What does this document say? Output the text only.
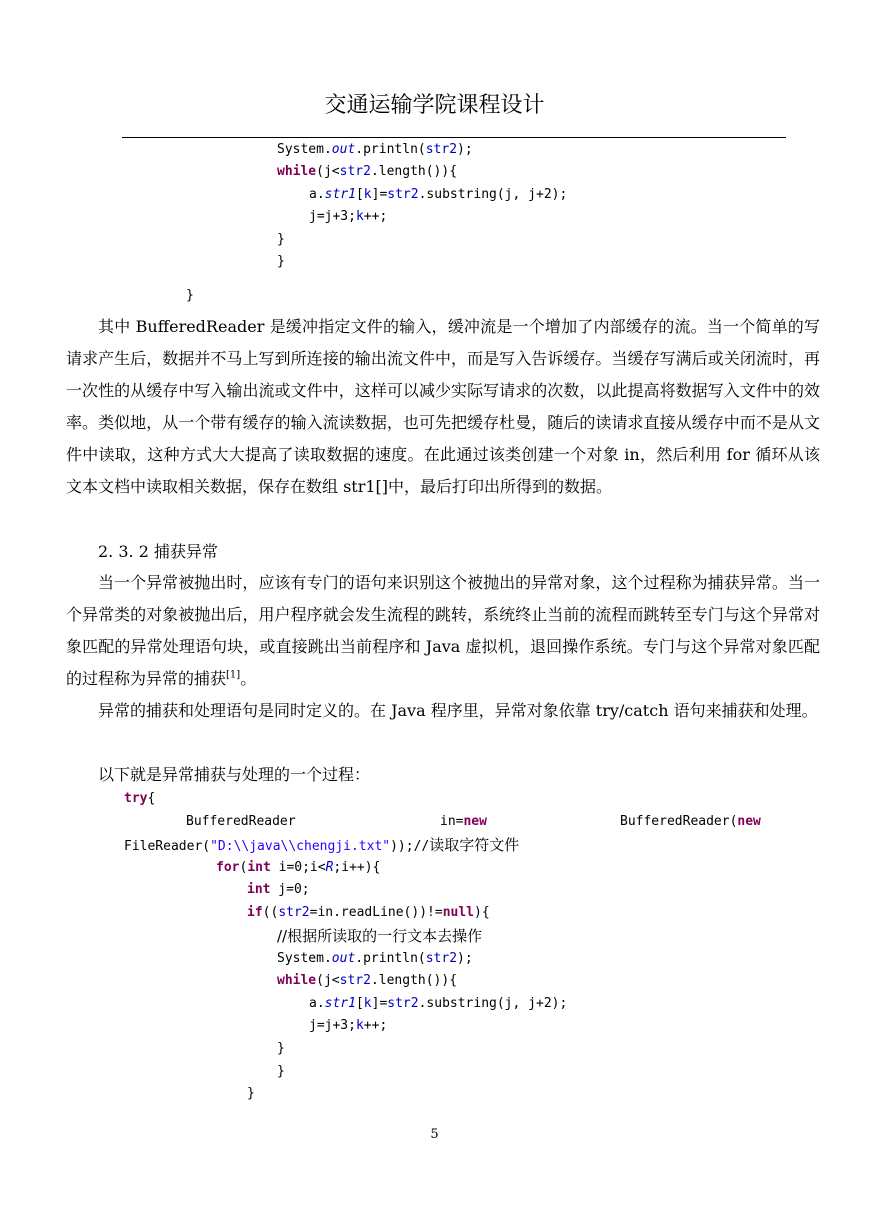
交通运输学院课程设计
System.out.println(str2);
while(j<str2.length()){
a.str1[k]=str2.substring(j, j+2);
j=j+3;k++;
}
}
}
其中 BufferedReader 是缓冲指定文件的输入，缓冲流是一个增加了内部缓存的流。当一个简单的写请求产生后，数据并不马上写到所连接的输出流文件中，而是写入告诉缓存。当缓存写满后或关闭流时，再一次性的从缓存中写入输出流或文件中，这样可以减少实际写请求的次数，以此提高将数据写入文件中的效率。类似地，从一个带有缓存的输入流读数据，也可先把缓存杜曼，随后的读请求直接从缓存中而不是从文件中读取，这种方式大大提高了读取数据的速度。在此通过该类创建一个对象 in，然后利用 for 循环从该文本文档中读取相关数据，保存在数组 str1[]中，最后打印出所得到的数据。
2. 3. 2 捕获异常
当一个异常被抛出时，应该有专门的语句来识别这个被抛出的异常对象，这个过程称为捕获异常。当一个异常类的对象被抛出后，用户程序就会发生流程的跳转，系统终止当前的流程而跳转至专门与这个异常对象匹配的异常处理语句块，或直接跳出当前程序和 Java 虚拟机，退回操作系统。专门与这个异常对象匹配的过程称为异常的捕获[1]。
异常的捕获和处理语句是同时定义的。在 Java 程序里，异常对象依靠 try/catch 语句来捕获和处理。
以下就是异常捕获与处理的一个过程：
try{
BufferedReader	in=new	BufferedReader(new
FileReader("D:\\java\\chengji.txt"));//读取字符文件
for(int i=0;i<R;i++){
int j=0;
if((str2=in.readLine())!=null){
//根据所读取的一行文本去操作
System.out.println(str2);
while(j<str2.length()){
a.str1[k]=str2.substring(j, j+2);
j=j+3;k++;
}
}
}
5
